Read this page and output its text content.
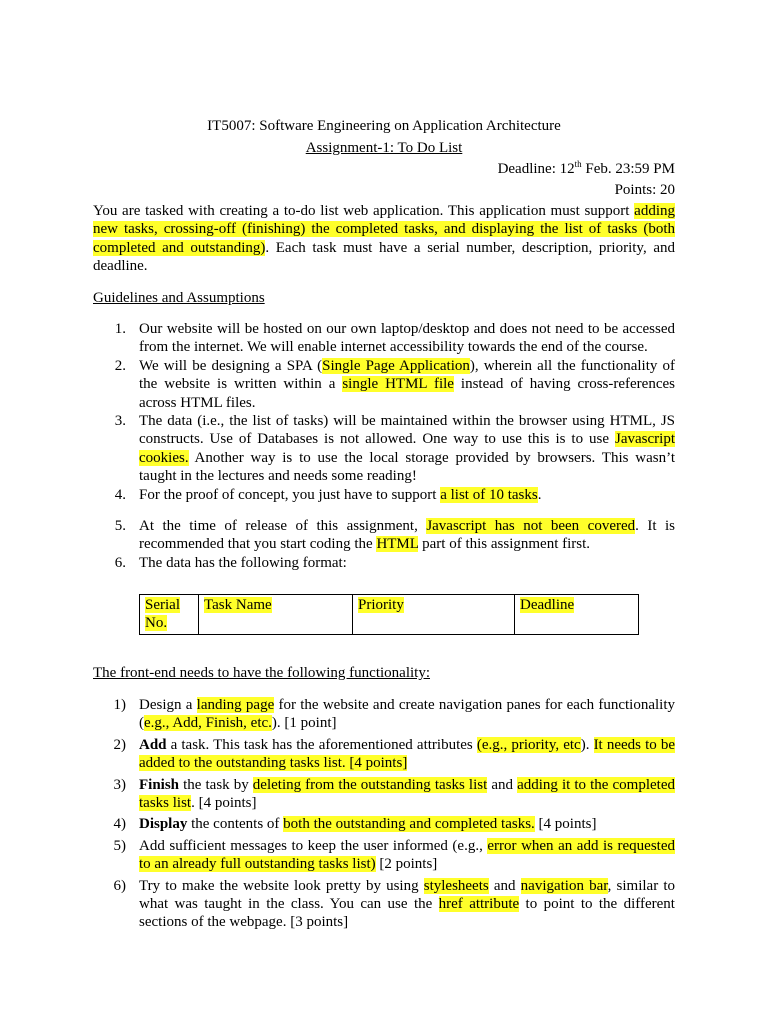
IT5007: Software Engineering on Application Architecture
Assignment-1: To Do List
Deadline: 12th Feb. 23:59 PM
Points: 20
You are tasked with creating a to-do list web application. This application must support adding new tasks, crossing-off (finishing) the completed tasks, and displaying the list of tasks (both completed and outstanding). Each task must have a serial number, description, priority, and deadline.
Guidelines and Assumptions
1. Our website will be hosted on our own laptop/desktop and does not need to be accessed from the internet. We will enable internet accessibility towards the end of the course.
2. We will be designing a SPA (Single Page Application), wherein all the functionality of the website is written within a single HTML file instead of having cross-references across HTML files.
3. The data (i.e., the list of tasks) will be maintained within the browser using HTML, JS constructs. Use of Databases is not allowed. One way to use this is to use Javascript cookies. Another way is to use the local storage provided by browsers. This wasn’t taught in the lectures and needs some reading!
4. For the proof of concept, you just have to support a list of 10 tasks.
5. At the time of release of this assignment, Javascript has not been covered. It is recommended that you start coding the HTML part of this assignment first.
6. The data has the following format:
Serial No.	Task Name	Priority	Deadline
The front-end needs to have the following functionality:
1) Design a landing page for the website and create navigation panes for each functionality (e.g., Add, Finish, etc.). [1 point]
2) Add a task. This task has the aforementioned attributes (e.g., priority, etc). It needs to be added to the outstanding tasks list. [4 points]
3) Finish the task by deleting from the outstanding tasks list and adding it to the completed tasks list. [4 points]
4) Display the contents of both the outstanding and completed tasks. [4 points]
5) Add sufficient messages to keep the user informed (e.g., error when an add is requested to an already full outstanding tasks list) [2 points]
6) Try to make the website look pretty by using stylesheets and navigation bar, similar to what was taught in the class. You can use the href attribute to point to the different sections of the webpage. [3 points]
